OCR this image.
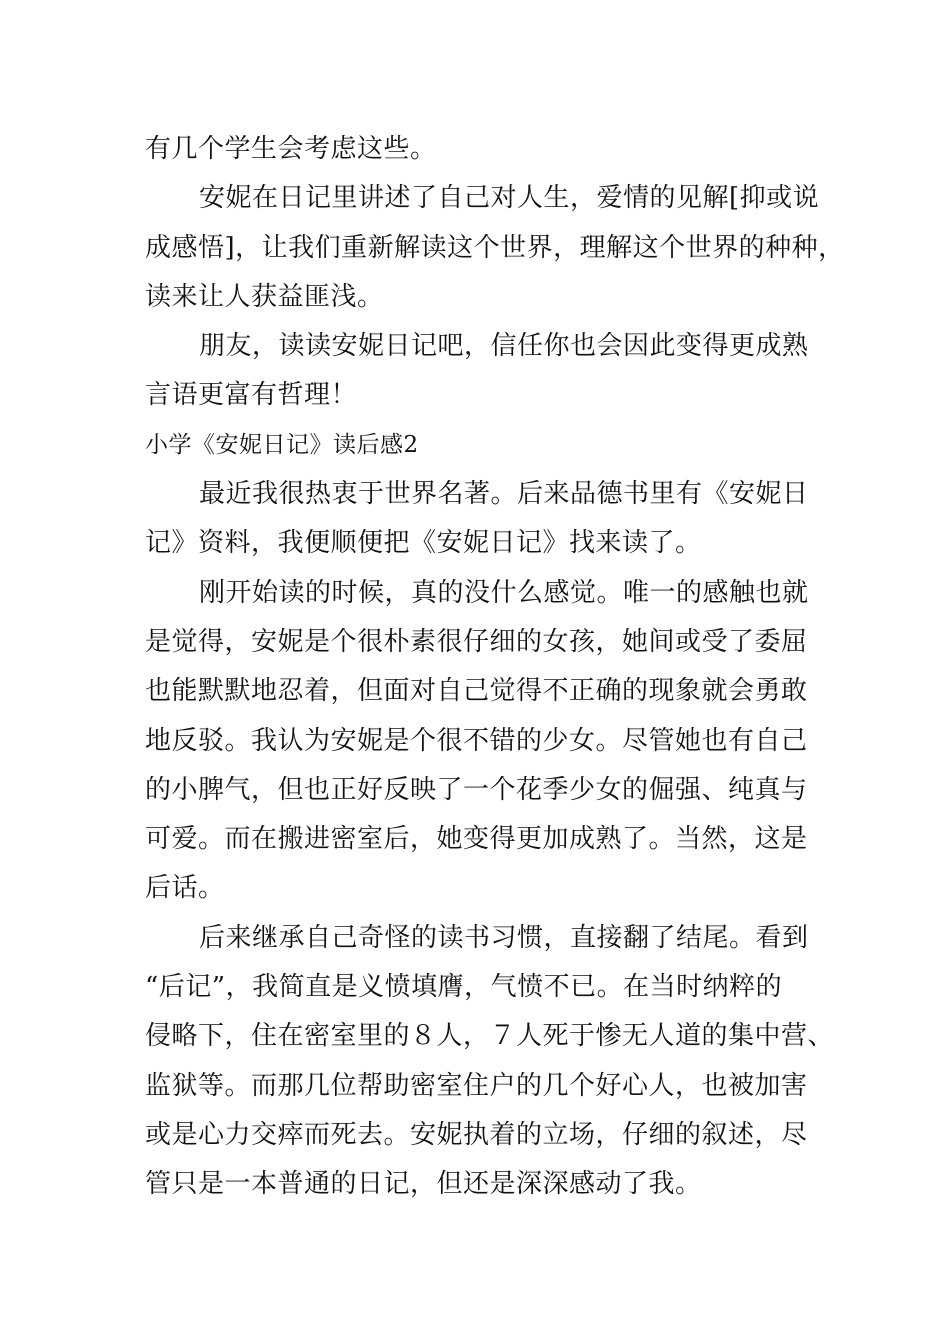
有几个学生会考虑这些。

安妮在日记里讲述了自己对人生，爱情的见解[抑或说
成感悟]，让我们重新解读这个世界，理解这个世界的种种，
读来让人获益匪浅。

朋友，读读安妮日记吧，信任你也会因此变得更成熟
言语更富有哲理！

小学《安妮日记》读后感2

最近我很热衷于世界名著。后来品德书里有《安妮日
记》资料，我便顺便把《安妮日记》找来读了。

刚开始读的时候，真的没什么感觉。唯一的感触也就
是觉得，安妮是个很朴素很仔细的女孩，她间或受了委屈
也能默默地忍着，但面对自己觉得不正确的现象就会勇敢
地反驳。我认为安妮是个很不错的少女。尽管她也有自己
的小脾气，但也正好反映了一个花季少女的倔强、纯真与
可爱。而在搬进密室后，她变得更加成熟了。当然，这是
后话。

后来继承自己奇怪的读书习惯，直接翻了结尾。看到
“后记”，我简直是义愤填膺，气愤不已。在当时纳粹的
侵略下，住在密室里的８人，７人死于惨无人道的集中营、
监狱等。而那几位帮助密室住户的几个好心人，也被加害
或是心力交瘁而死去。安妮执着的立场，仔细的叙述，尽
管只是一本普通的日记，但还是深深感动了我。
